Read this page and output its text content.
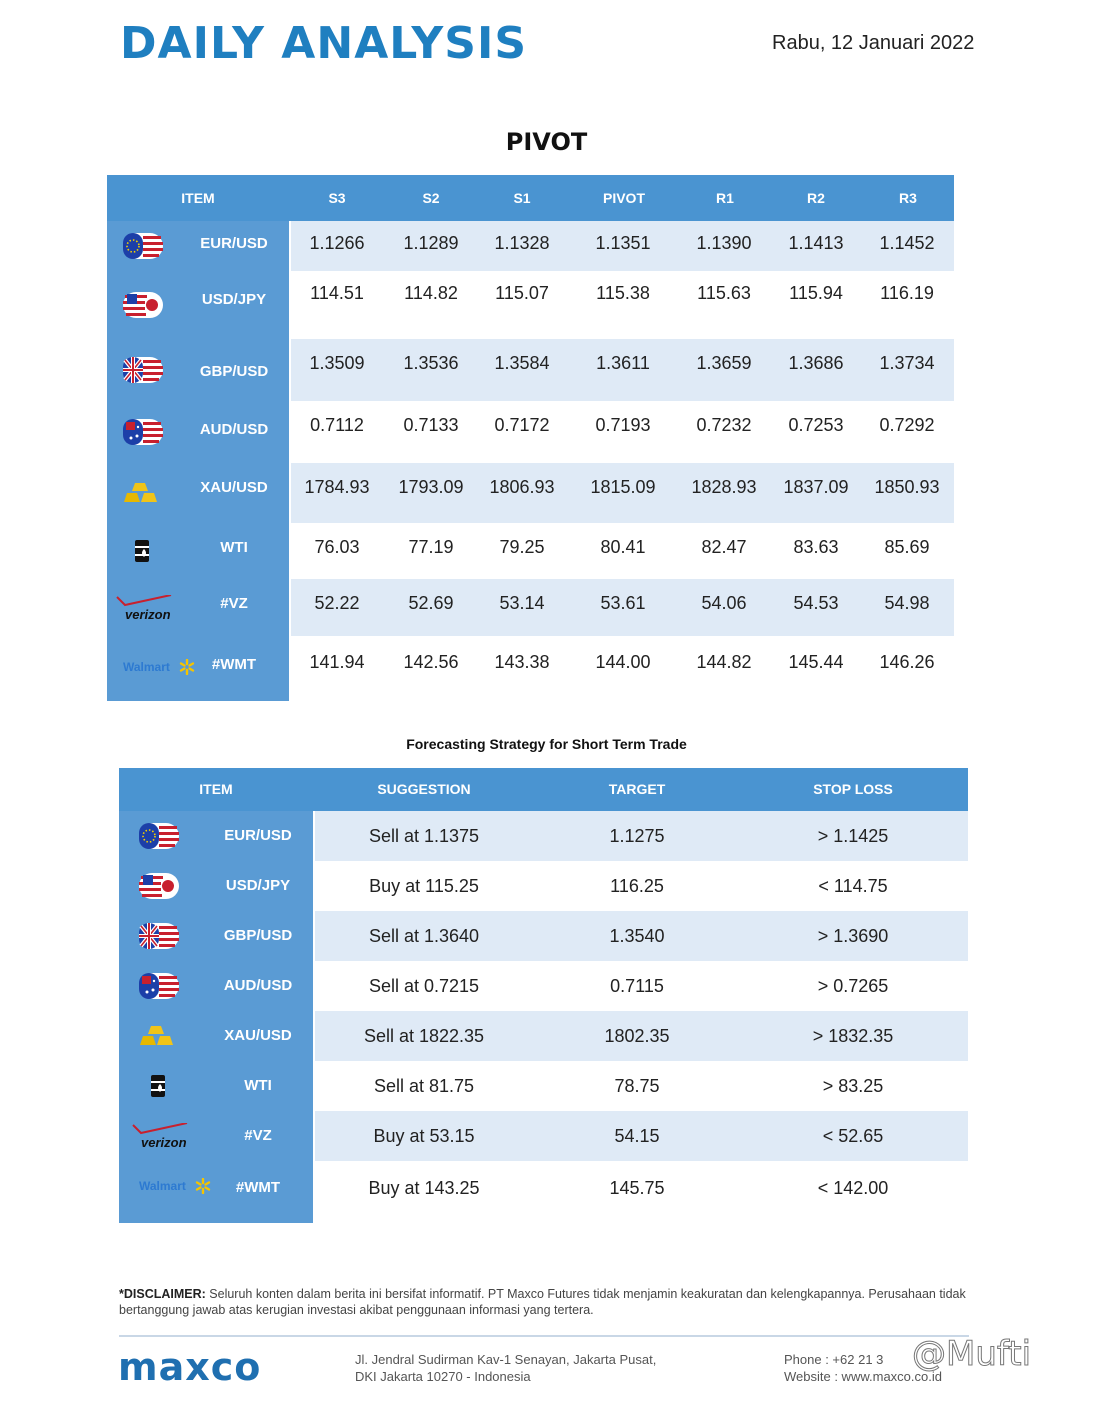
DAILY ANALYSIS	Rabu, 12 Januari 2022
PIVOT
ITEM	S3	S2	S1	PIVOT	R1	R2	R3
EUR/USD	1.1266	1.1289	1.1328	1.1351	1.1390	1.1413	1.1452
USD/JPY	114.51	114.82	115.07	115.38	115.63	115.94	116.19
GBP/USD	1.3509	1.3536	1.3584	1.3611	1.3659	1.3686	1.3734
AUD/USD	0.7112	0.7133	0.7172	0.7193	0.7232	0.7253	0.7292
XAU/USD	1784.93	1793.09	1806.93	1815.09	1828.93	1837.09	1850.93
WTI	76.03	77.19	79.25	80.41	82.47	83.63	85.69
verizon
#VZ	52.22	52.69	53.14	53.61	54.06	54.53	54.98
Walmart	#WMT	141.94	142.56	143.38	144.00	144.82	145.44	146.26
Forecasting Strategy for Short Term Trade
ITEM	SUGGESTION	TARGET	STOP LOSS
EUR/USD	Sell at 1.1375	1.1275	> 1.1425
USD/JPY	Buy at 115.25	116.25	< 114.75
GBP/USD	Sell at 1.3640	1.3540	> 1.3690
AUD/USD	Sell at 0.7215	0.7115	> 0.7265
XAU/USD	Sell at 1822.35	1802.35	> 1832.35
WTI	Sell at 81.75	78.75	> 83.25
verizon	#VZ	Buy at 53.15	54.15	< 52.65
Walmart	#WMT	Buy at 143.25	145.75	< 142.00
*DISCLAIMER: Seluruh konten dalam berita ini bersifat informatif. PT Maxco Futures tidak menjamin keakuratan dan kelengkapannya. Perusahaan tidak bertanggung jawab atas kerugian investasi akibat penggunaan informasi yang tertera.
maxco	Jl. Jendral Sudirman Kav-1 Senayan, Jakarta Pusat,
DKI Jakarta 10270 - Indonesia
Phone : +62 21 3
Website : www.maxco.co.id
@Mufti
